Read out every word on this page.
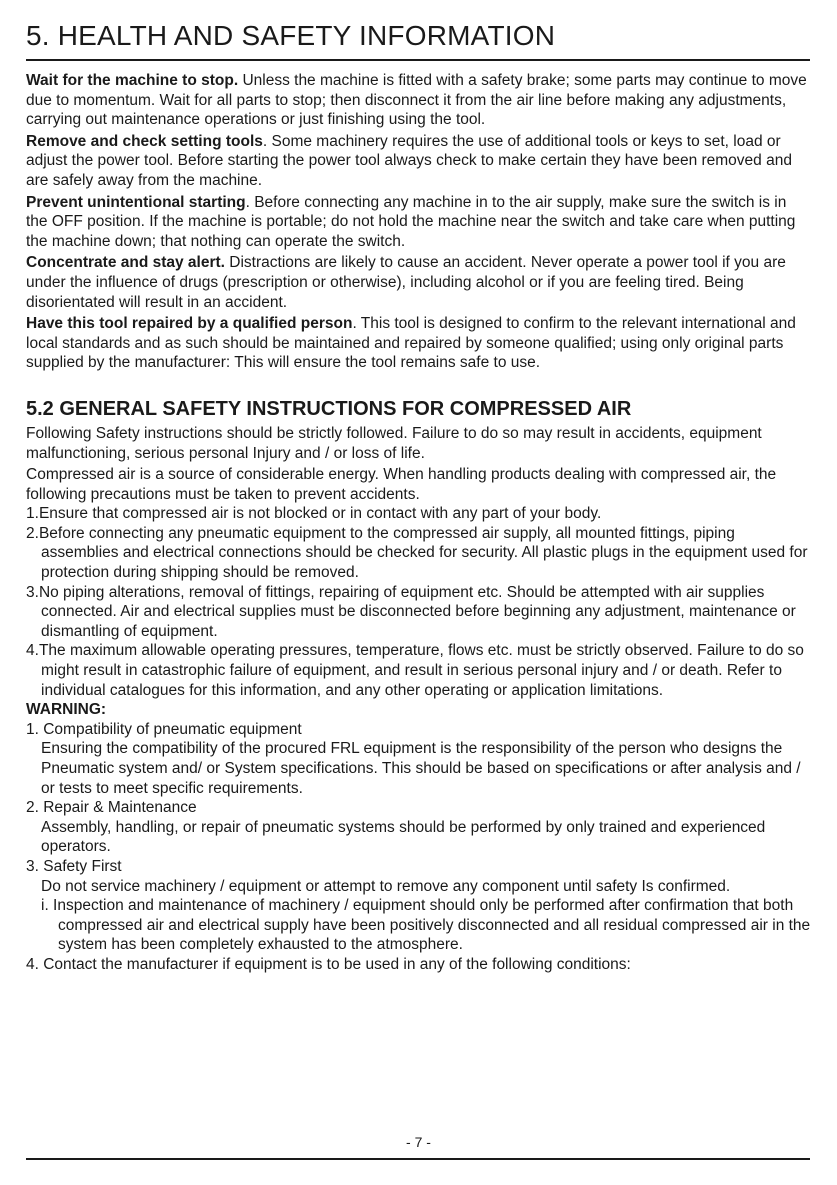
5. HEALTH AND SAFETY INFORMATION

Wait for the machine to stop. Unless the machine is fitted with a safety brake; some parts may continue to move due to momentum. Wait for all parts to stop; then disconnect it from the air line before making any adjustments, carrying out maintenance operations or just finishing using the tool.

Remove and check setting tools. Some machinery requires the use of additional tools or keys to set, load or adjust the power tool. Before starting the power tool always check to make certain they have been removed and are safely away from the machine.

Prevent unintentional starting. Before connecting any machine in to the air supply, make sure the switch is in the OFF position. If the machine is portable; do not hold the machine near the switch and take care when putting the machine down; that nothing can operate the switch.

Concentrate and stay alert. Distractions are likely to cause an accident. Never operate a power tool if you are under the influence of drugs (prescription or otherwise), including alcohol or if you are feeling tired. Being disorientated will result in an accident.

Have this tool repaired by a qualified person. This tool is designed to confirm to the relevant international and local standards and as such should be maintained and repaired by someone qualified; using only original parts supplied by the manufacturer: This will ensure the tool remains safe to use.

5.2 GENERAL SAFETY INSTRUCTIONS FOR COMPRESSED AIR

Following Safety instructions should be strictly followed. Failure to do so may result in accidents, equipment malfunctioning, serious personal Injury and / or loss of life.

Compressed air is a source of considerable energy. When handling products dealing with compressed air, the following precautions must be taken to prevent accidents.

1.Ensure that compressed air is not blocked or in contact with any part of your body.

2.Before connecting any pneumatic equipment to the compressed air supply, all mounted fittings, piping assemblies and electrical connections should be checked for security. All plastic plugs in the equipment used for protection during shipping should be removed.

3.No piping alterations, removal of fittings, repairing of equipment etc. Should be attempted with air supplies connected. Air and electrical supplies must be disconnected before beginning any adjustment, maintenance or dismantling of equipment.

4.The maximum allowable operating pressures, temperature, flows etc. must be strictly observed. Failure to do so might result in catastrophic failure of equipment, and result in serious personal injury and / or death. Refer to individual catalogues for this information, and any other operating or application limitations.

WARNING:

1. Compatibility of pneumatic equipment

Ensuring the compatibility of the procured FRL equipment is the responsibility of the person who designs the Pneumatic system and/ or System specifications. This should be based on specifications or after analysis and / or tests to meet specific requirements.

2. Repair & Maintenance

Assembly, handling, or repair of pneumatic systems should be performed by only trained and experienced operators.

3. Safety First

Do not service machinery / equipment or attempt to remove any component until safety Is confirmed.

i. Inspection and maintenance of machinery / equipment should only be performed after confirmation that both compressed air and electrical supply have been positively disconnected and all residual compressed air in the system has been completely exhausted to the atmosphere.

4. Contact the manufacturer if equipment is to be used in any of the following conditions:

- 7 -
